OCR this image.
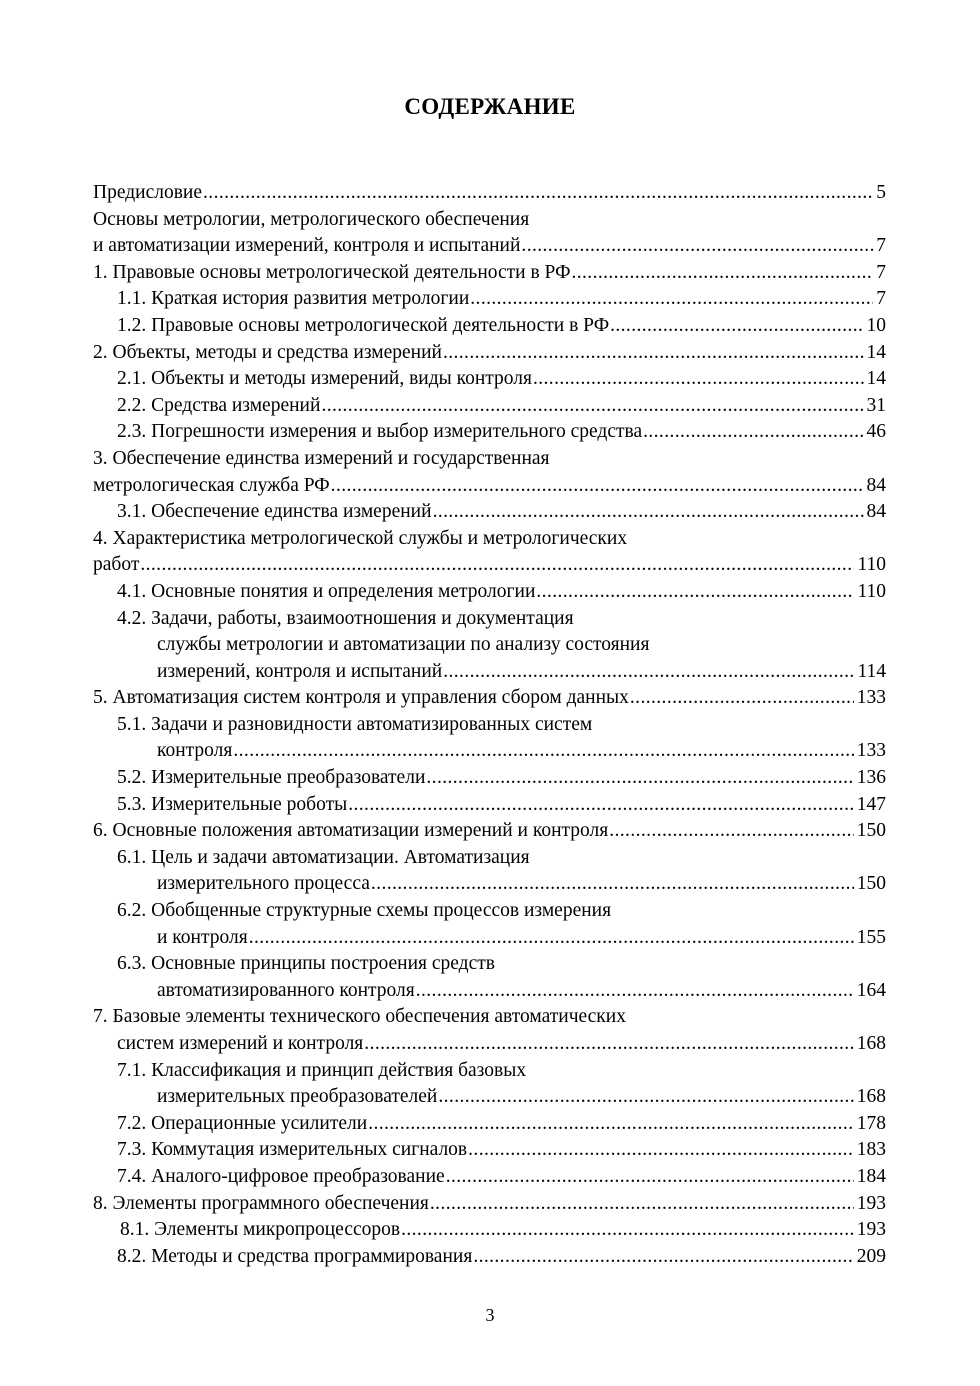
СОДЕРЖАНИЕ
Предисловие .....	5
Основы метрологии, метрологического обеспечения
и автоматизации измерений, контроля и испытаний .....	7
1. Правовые основы метрологической деятельности в РФ .....	7
1.1. Краткая история развития метрологии .....	7
1.2. Правовые основы метрологической деятельности в РФ .....	10
2. Объекты, методы и средства измерений .....	14
2.1. Объекты и методы измерений, виды контроля .....	14
2.2. Средства измерений .....	31
2.3. Погрешности измерения и выбор измерительного средства .....	46
3. Обеспечение единства измерений и государственная
метрологическая служба РФ .....	84
3.1. Обеспечение единства измерений .....	84
4. Характеристика метрологической службы и метрологических
работ .....	110
4.1. Основные понятия и определения метрологии .....	110
4.2. Задачи, работы, взаимоотношения и документация
службы метрологии и автоматизации по анализу состояния
измерений, контроля и испытаний .....	114
5. Автоматизация систем контроля и управления сбором данных .....	133
5.1. Задачи и разновидности автоматизированных систем
контроля .....	133
5.2. Измерительные преобразователи .....	136
5.3. Измерительные роботы .....	147
6. Основные положения автоматизации измерений и контроля .....	150
6.1. Цель и задачи автоматизации. Автоматизация
измерительного процесса .....	150
6.2. Обобщенные структурные схемы процессов измерения
и контроля .....	155
6.3. Основные принципы построения средств
автоматизированного контроля .....	164
7. Базовые элементы технического обеспечения автоматических
систем измерений и контроля .....	168
7.1. Классификация и принцип действия базовых
измерительных преобразователей .....	168
7.2. Операционные усилители .....	178
7.3. Коммутация измерительных сигналов .....	183
7.4. Аналого-цифровое преобразование .....	184
8. Элементы программного обеспечения .....	193
8.1. Элементы микропроцессоров .....	193
8.2. Методы и средства программирования .....	209
3
